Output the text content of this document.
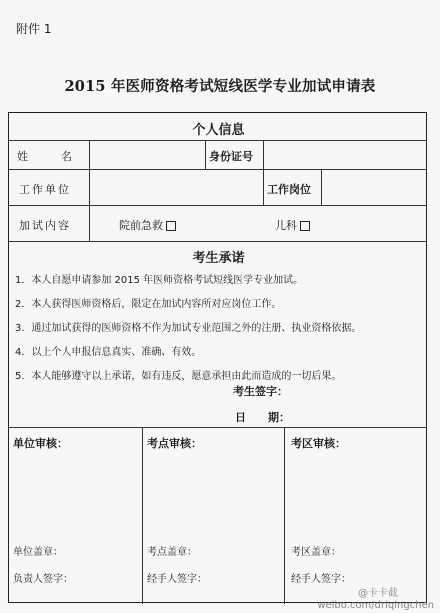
附件 1
2015 年医师资格考试短线医学专业加试申请表
个人信息
姓　　　名	身份证号
工作单位	工作岗位
加试内容	院前急救	儿科
考生承诺
1．本人自愿申请参加 2015 年医师资格考试短线医学专业加试。
2．本人获得医师资格后，限定在加试内容所对应岗位工作。
3．通过加试获得的医师资格不作为加试专业范围之外的注册、执业资格依据。
4．以上个人申报信息真实、准确、有效。
5．本人能够遵守以上承诺，如有违反，愿意承担由此而造成的一切后果。
考生签字：
日　　期：
单位审核：	考点审核：	考区审核：
单位盖章：	考点盖章：	考区盖章：
负责人签字：	经手人签字：	经手人签字：
@卡卡截
weibo.com/driqingchen
